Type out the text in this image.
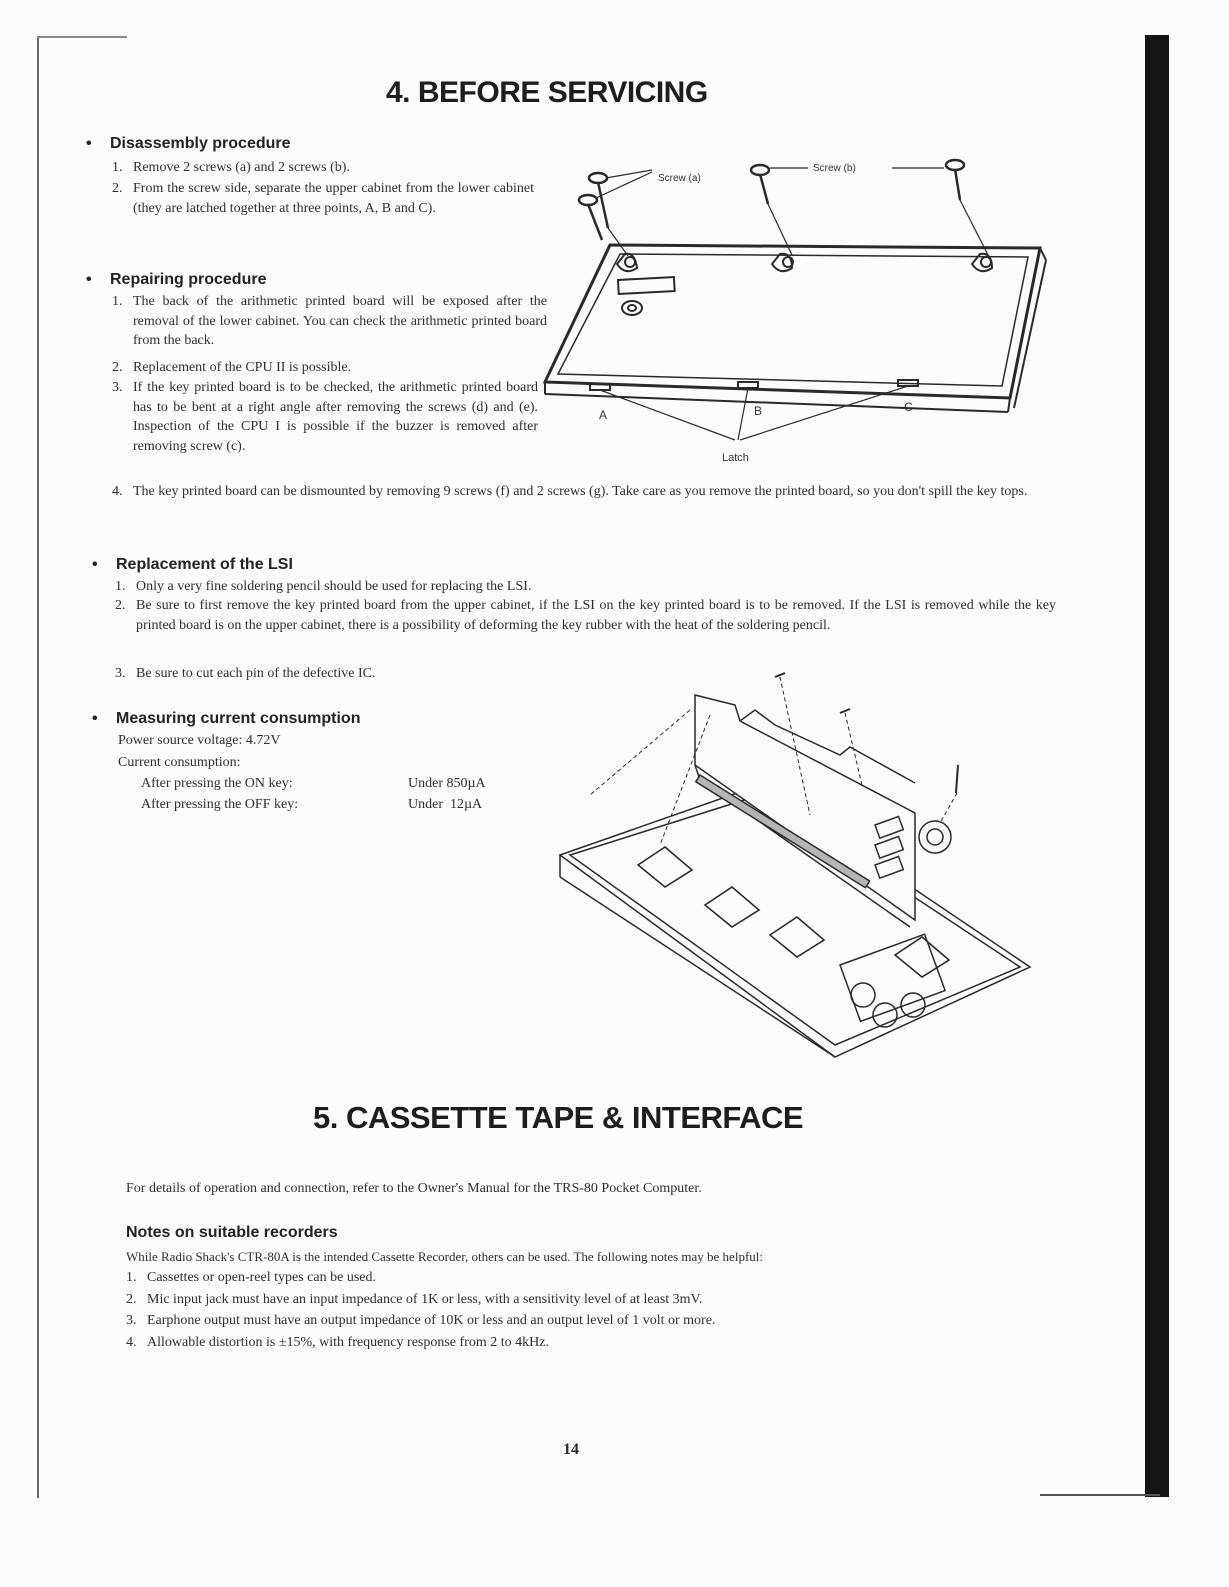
4. BEFORE SERVICING
• Disassembly procedure
1. Remove 2 screws (a) and 2 screws (b).
2. From the screw side, separate the upper cabinet from the lower cabinet (they are latched together at three points, A, B and C).
• Repairing procedure
1. The back of the arithmetic printed board will be exposed after the removal of the lower cabinet. You can check the arithmetic printed board from the back.
2. Replacement of the CPU II is possible.
3. If the key printed board is to be checked, the arithmetic printed board has to be bent at a right angle after removing the screws (d) and (e). Inspection of the CPU I is possible if the buzzer is removed after removing screw (c).
4. The key printed board can be dismounted by removing 9 screws (f) and 2 screws (g). Take care as you remove the printed board, so you don't spill the key tops.
• Replacement of the LSI
1. Only a very fine soldering pencil should be used for replacing the LSI.
2. Be sure to first remove the key printed board from the upper cabinet, if the LSI on the key printed board is to be removed. If the LSI is removed while the key printed board is on the upper cabinet, there is a possibility of deforming the key rubber with the heat of the soldering pencil.
3. Be sure to cut each pin of the defective IC.
• Measuring current consumption
Power source voltage: 4.72V
Current consumption:
After pressing the ON key:	Under 850µA
After pressing the OFF key:	Under  12µA
Screw (a)
Screw (b)
A	B	C
Latch
5. CASSETTE TAPE & INTERFACE
For details of operation and connection, refer to the Owner's Manual for the TRS-80 Pocket Computer.
Notes on suitable recorders
While Radio Shack's CTR-80A is the intended Cassette Recorder, others can be used. The following notes may be helpful:
1. Cassettes or open-reel types can be used.
2. Mic input jack must have an input impedance of 1K or less, with a sensitivity level of at least 3mV.
3. Earphone output must have an output impedance of 10K or less and an output level of 1 volt or more.
4. Allowable distortion is ±15%, with frequency response from 2 to 4kHz.
14
